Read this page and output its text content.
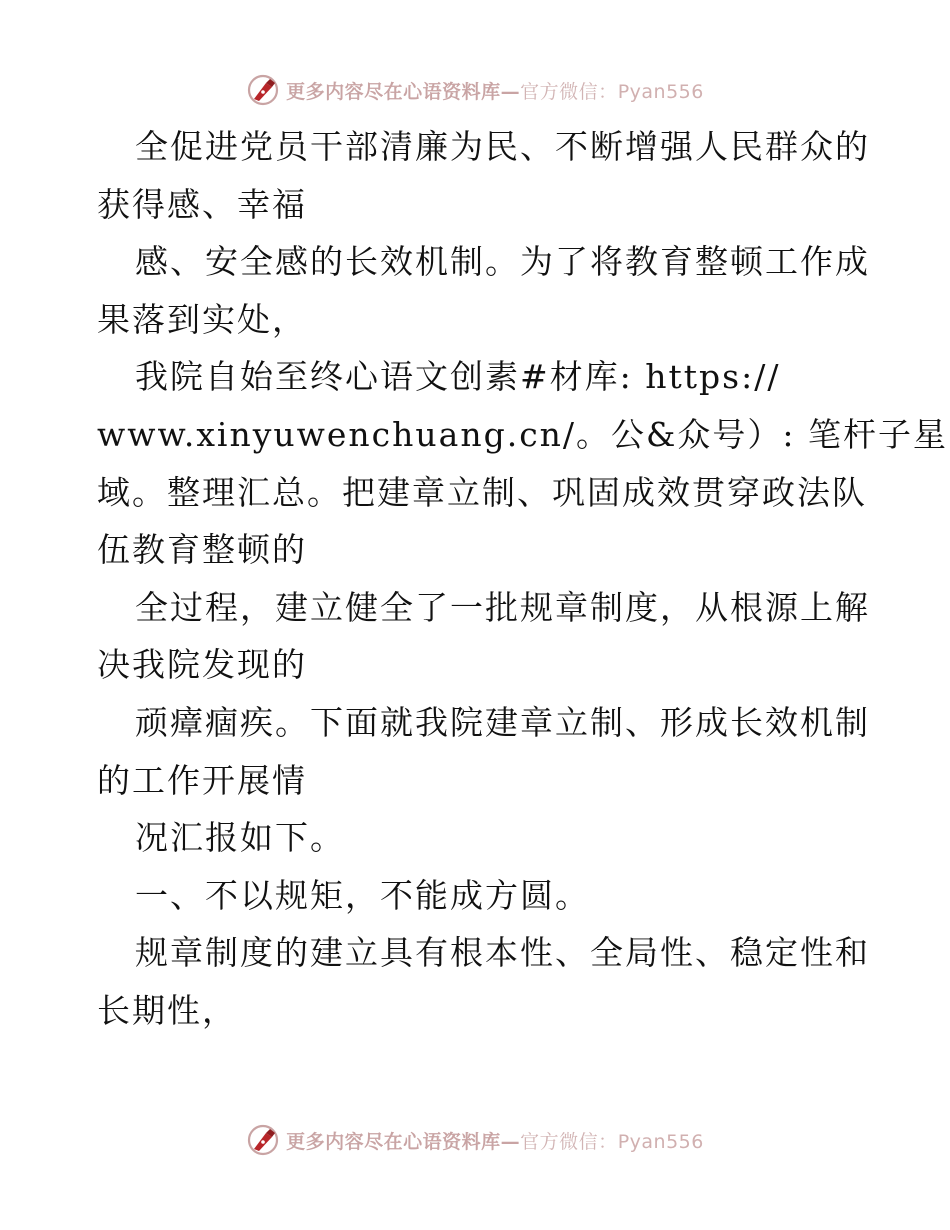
更多内容尽在心语资料库—官方微信：Pyan556
全促进党员干部清廉为民、不断增强人民群众的
获得感、幸福
感、安全感的长效机制。为了将教育整顿工作成
果落到实处，
我院自始至终心语文创素#材库: https://
www.xinyuwenchuang.cn/。公&众号）: 笔杆子星
域。整理汇总。把建章立制、巩固成效贯穿政法队
伍教育整顿的
全过程，建立健全了一批规章制度，从根源上解
决我院发现的
顽瘴痼疾。下面就我院建章立制、形成长效机制
的工作开展情
况汇报如下。
一、不以规矩，不能成方圆。
规章制度的建立具有根本性、全局性、稳定性和
长期性，
更多内容尽在心语资料库—官方微信：Pyan556
